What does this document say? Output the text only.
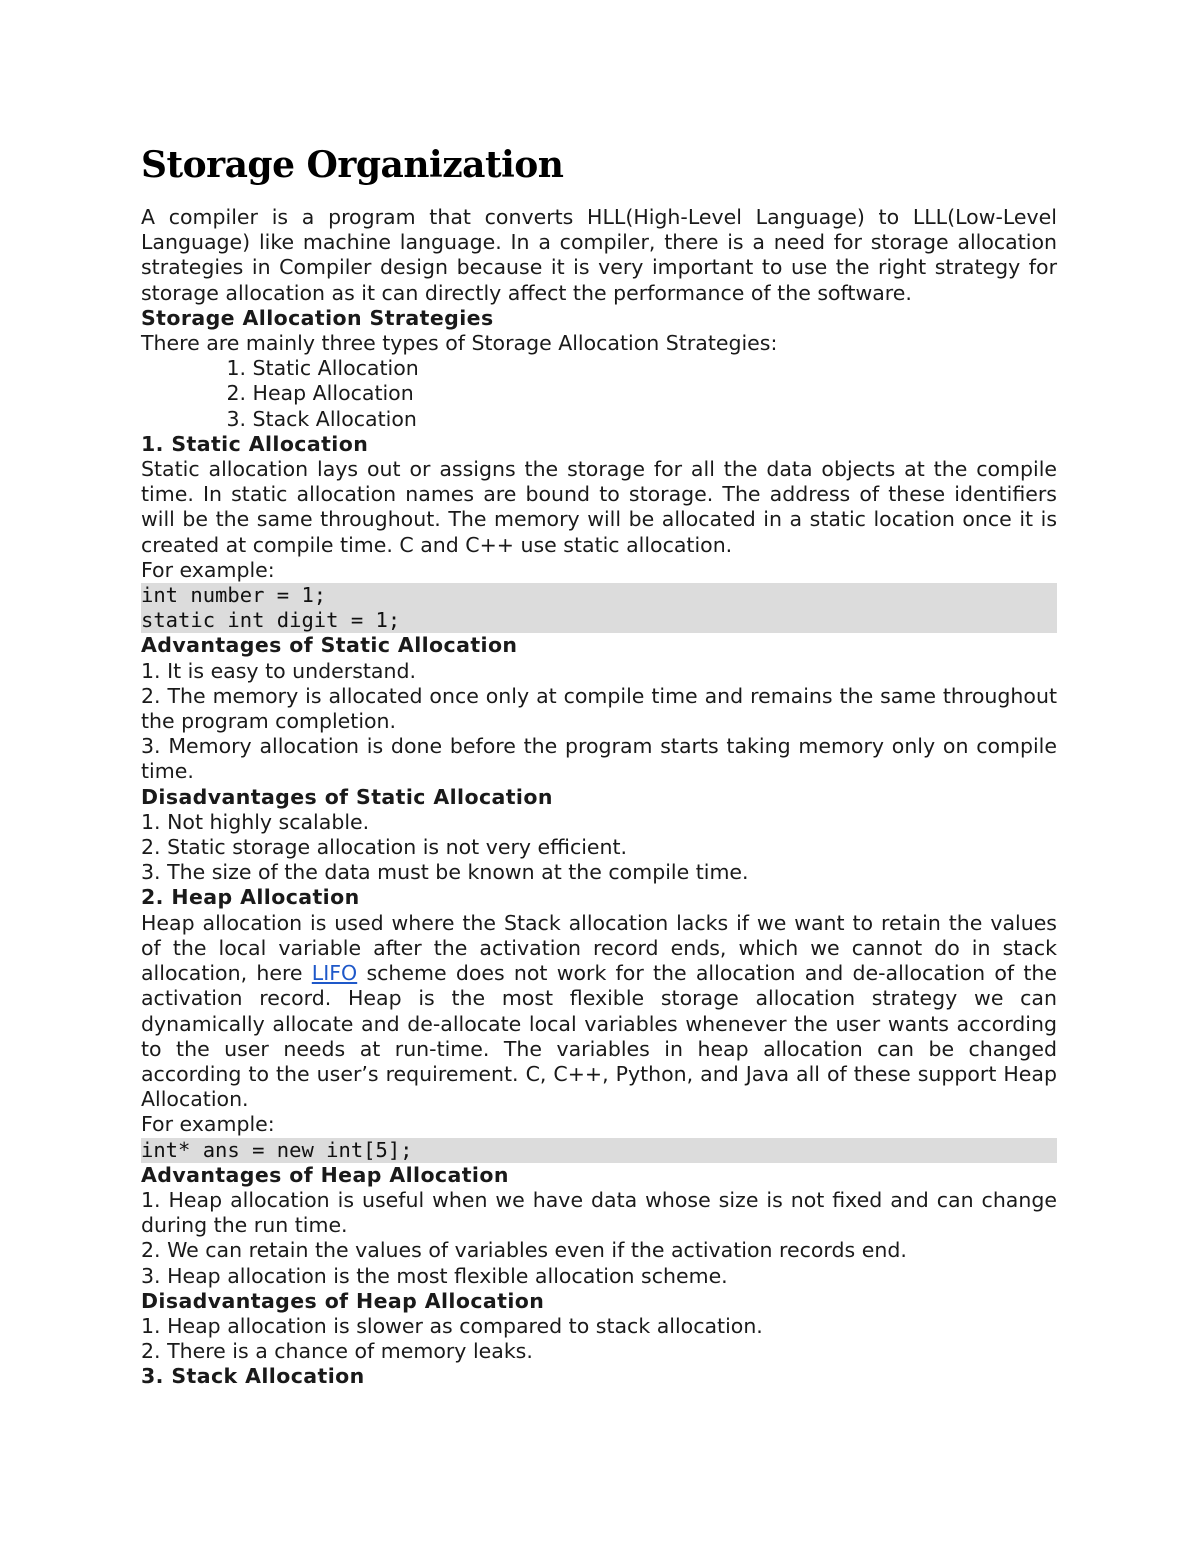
Storage Organization

A compiler is a program that converts HLL(High-Level Language) to LLL(Low-Level Language) like machine language. In a compiler, there is a need for storage allocation strategies in Compiler design because it is very important to use the right strategy for storage allocation as it can directly affect the performance of the software.

Storage Allocation Strategies

There are mainly three types of Storage Allocation Strategies:

1. Static Allocation
2. Heap Allocation
3. Stack Allocation

1. Static Allocation

Static allocation lays out or assigns the storage for all the data objects at the compile time. In static allocation names are bound to storage. The address of these identifiers will be the same throughout. The memory will be allocated in a static location once it is created at compile time. C and C++ use static allocation.

For example:

int number = 1;
static int digit = 1;

Advantages of Static Allocation

1. It is easy to understand.

2. The memory is allocated once only at compile time and remains the same throughout the program completion.

3. Memory allocation is done before the program starts taking memory only on compile time.

Disadvantages of Static Allocation

1. Not highly scalable.

2. Static storage allocation is not very efficient.

3. The size of the data must be known at the compile time.

2. Heap Allocation

Heap allocation is used where the Stack allocation lacks if we want to retain the values of the local variable after the activation record ends, which we cannot do in stack allocation, here LIFO scheme does not work for the allocation and de-allocation of the activation record. Heap is the most flexible storage allocation strategy we can dynamically allocate and de-allocate local variables whenever the user wants according to the user needs at run-time. The variables in heap allocation can be changed according to the user’s requirement. C, C++, Python, and Java all of these support Heap Allocation.

For example:

int* ans = new int[5];

Advantages of Heap Allocation

1. Heap allocation is useful when we have data whose size is not fixed and can change during the run time.

2. We can retain the values of variables even if the activation records end.

3. Heap allocation is the most flexible allocation scheme.

Disadvantages of Heap Allocation

1. Heap allocation is slower as compared to stack allocation.

2. There is a chance of memory leaks.

3. Stack Allocation
